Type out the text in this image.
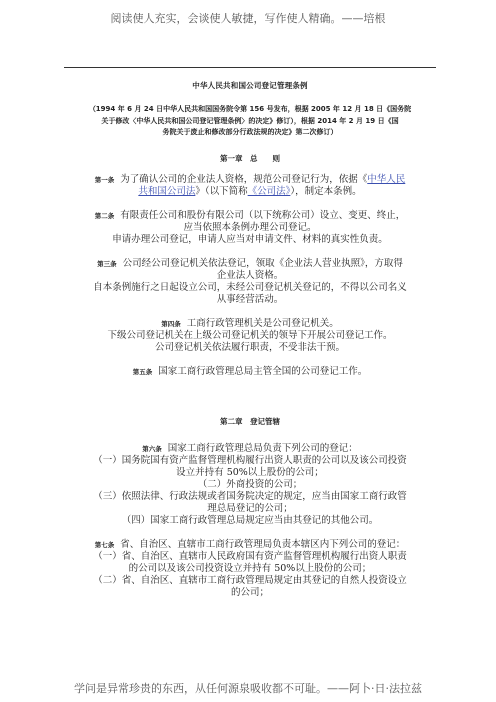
阅读使人充实，会谈使人敏捷，写作使人精确。——培根
中华人民共和国公司登记管理条例
（1994 年 6 月 24 日中华人民共和国国务院令第 156 号发布，根据 2005 年 12 月 18 日《国务院
关于修改〈中华人民共和国公司登记管理条例〉的决定》修订），根据 2014 年 2 月 19 日《国
务院关于废止和修改部分行政法规的决定》第二次修订）
第一章　总　　则

第一条 为了确认公司的企业法人资格，规范公司登记行为，依据《中华人民

共和国公司法》（以下简称《公司法》），制定本条例。

第二条 有限责任公司和股份有限公司（以下统称公司）设立、变更、终止，

应当依照本条例办理公司登记。

申请办理公司登记，申请人应当对申请文件、材料的真实性负责。

第三条 公司经公司登记机关依法登记，领取《企业法人营业执照》，方取得

企业法人资格。

自本条例施行之日起设立公司，未经公司登记机关登记的，不得以公司名义

从事经营活动。

第四条 工商行政管理机关是公司登记机关。

下级公司登记机关在上级公司登记机关的领导下开展公司登记工作。

公司登记机关依法履行职责，不受非法干预。

第五条 国家工商行政管理总局主管全国的公司登记工作。

第二章　登记管辖

第六条 国家工商行政管理总局负责下列公司的登记：

（一）国务院国有资产监督管理机构履行出资人职责的公司以及该公司投资

设立并持有 50%以上股份的公司；

（二）外商投资的公司；

（三）依照法律、行政法规或者国务院决定的规定，应当由国家工商行政管

理总局登记的公司；

（四）国家工商行政管理总局规定应当由其登记的其他公司。

第七条 省、自治区、直辖市工商行政管理局负责本辖区内下列公司的登记：

（一）省、自治区、直辖市人民政府国有资产监督管理机构履行出资人职责

的公司以及该公司投资设立并持有 50%以上股份的公司；

（二）省、自治区、直辖市工商行政管理局规定由其登记的自然人投资设立

的公司；

学问是异常珍贵的东西，从任何源泉吸收都不可耻。——阿卜·日·法拉兹
